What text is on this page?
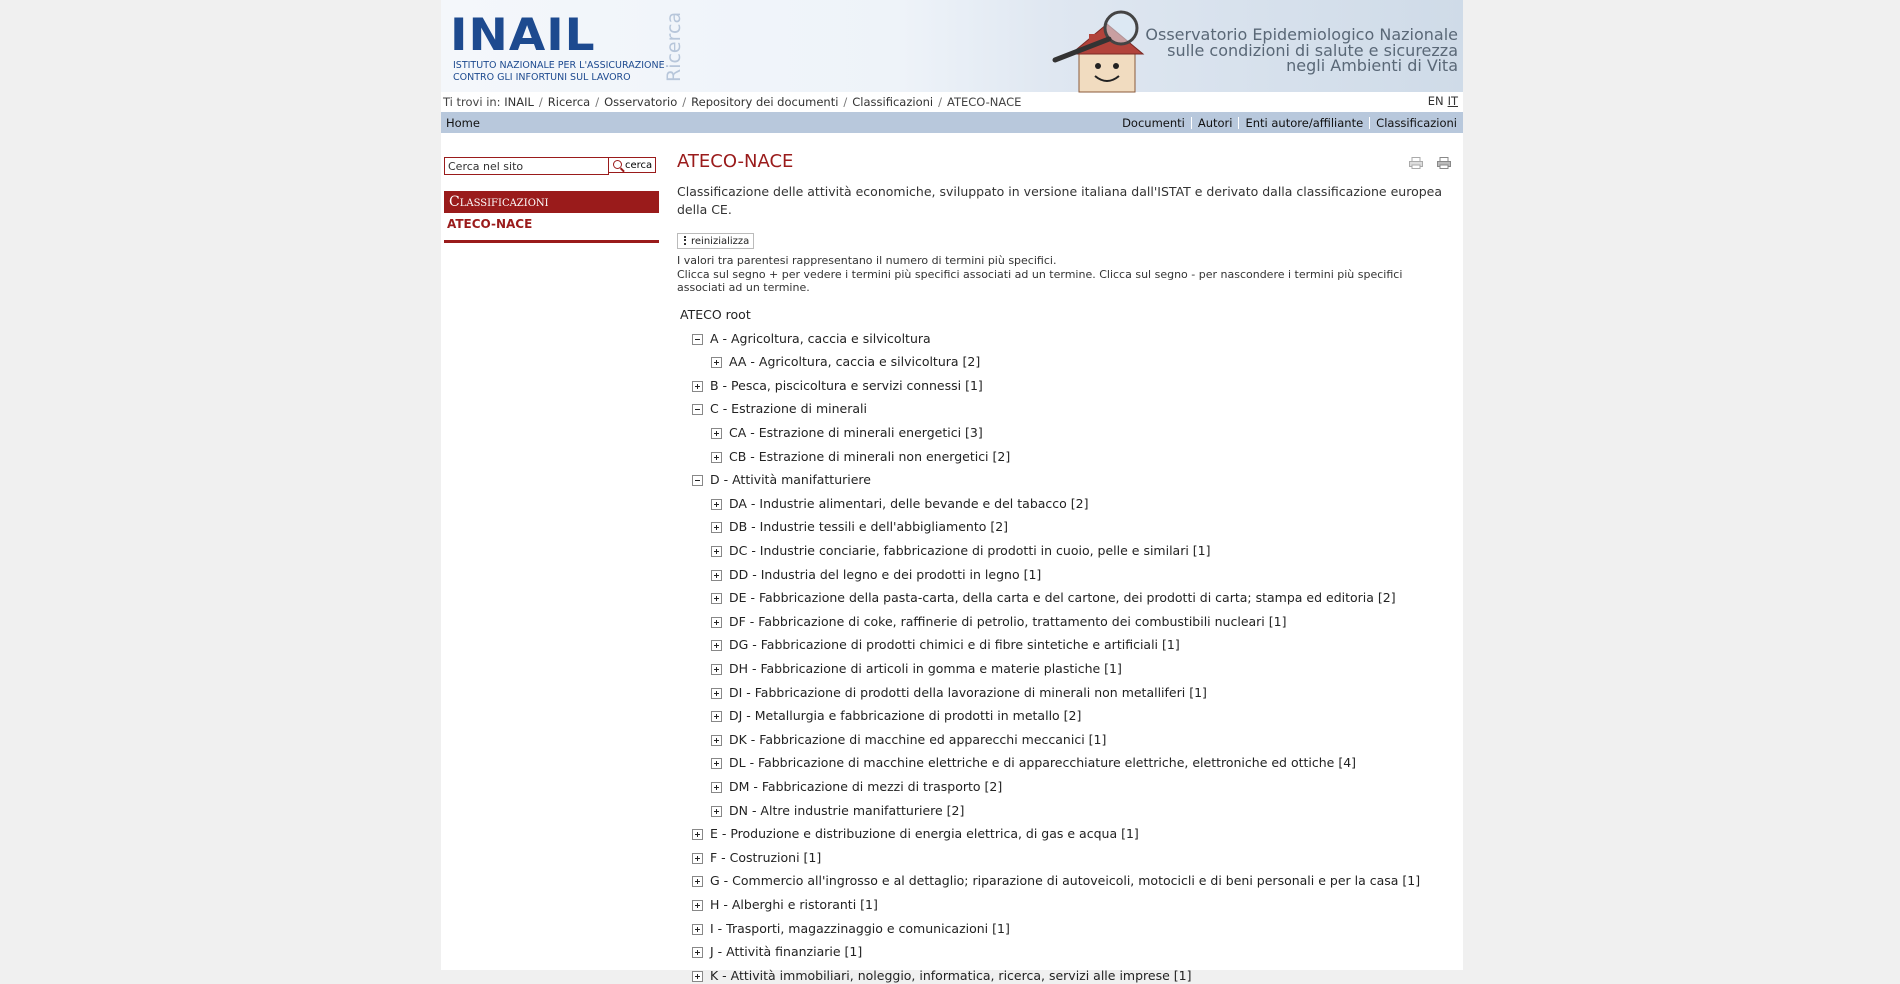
INAIL
ISTITUTO NAZIONALE PER L'ASSICURAZIONE
CONTRO GLI INFORTUNI SUL LAVORO	Ricerca	Osservatorio Epidemiologico Nazionale
sulle condizioni di salute e sicurezza
negli Ambienti di Vita
Ti trovi in: INAIL / Ricerca / Osservatorio / Repository dei documenti / Classificazioni / ATECO-NACE	EN IT
Home	Documenti Autori Enti autore/affiliante Classificazioni
Cerca nel sito
cerca
Classificazioni
ATECO-NACE
ATECO-NACE

Classificazione delle attività economiche, sviluppato in versione italiana dall'ISTAT e derivato dalla classificazione europea della CE.
reinizializza
I valori tra parentesi rappresentano il numero di termini più specifici.
Clicca sul segno + per vedere i termini più specifici associati ad un termine. Clicca sul segno - per nascondere i termini più specifici associati ad un termine.
ATECO root
A - Agricoltura, caccia e silvicoltura
AA - Agricoltura, caccia e silvicoltura [2]
B - Pesca, piscicoltura e servizi connessi [1]
C - Estrazione di minerali
CA - Estrazione di minerali energetici [3]
CB - Estrazione di minerali non energetici [2]
D - Attività manifatturiere
DA - Industrie alimentari, delle bevande e del tabacco [2]
DB - Industrie tessili e dell'abbigliamento [2]
DC - Industrie conciarie, fabbricazione di prodotti in cuoio, pelle e similari [1]
DD - Industria del legno e dei prodotti in legno [1]
DE - Fabbricazione della pasta-carta, della carta e del cartone, dei prodotti di carta; stampa ed editoria [2]
DF - Fabbricazione di coke, raffinerie di petrolio, trattamento dei combustibili nucleari [1]
DG - Fabbricazione di prodotti chimici e di fibre sintetiche e artificiali [1]
DH - Fabbricazione di articoli in gomma e materie plastiche [1]
DI - Fabbricazione di prodotti della lavorazione di minerali non metalliferi [1]
DJ - Metallurgia e fabbricazione di prodotti in metallo [2]
DK - Fabbricazione di macchine ed apparecchi meccanici [1]
DL - Fabbricazione di macchine elettriche e di apparecchiature elettriche, elettroniche ed ottiche [4]
DM - Fabbricazione di mezzi di trasporto [2]
DN - Altre industrie manifatturiere [2]
E - Produzione e distribuzione di energia elettrica, di gas e acqua [1]
F - Costruzioni [1]
G - Commercio all'ingrosso e al dettaglio; riparazione di autoveicoli, motocicli e di beni personali e per la casa [1]
H - Alberghi e ristoranti [1]
I - Trasporti, magazzinaggio e comunicazioni [1]
J - Attività finanziarie [1]
K - Attività immobiliari, noleggio, informatica, ricerca, servizi alle imprese [1]
